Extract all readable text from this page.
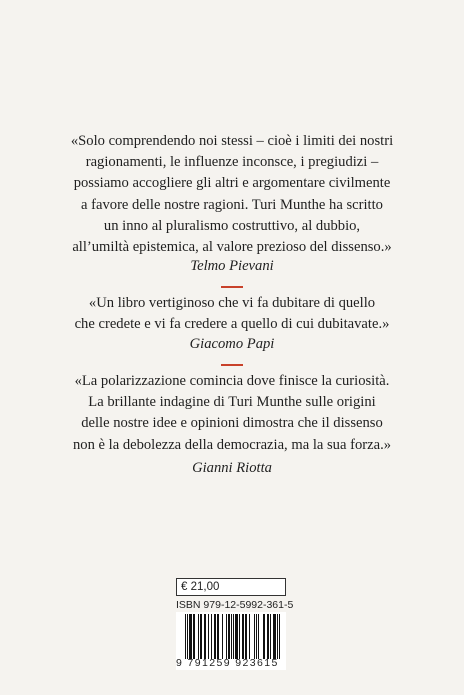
«Solo comprendendo noi stessi – cioè i limiti dei nostri
ragionamenti, le influenze inconsce, i pregiudizi –
possiamo accogliere gli altri e argomentare civilmente
a favore delle nostre ragioni. Turi Munthe ha scritto
un inno al pluralismo costruttivo, al dubbio,
all’umiltà epistemica, al valore prezioso del dissenso.»

Telmo Pievani

«Un libro vertiginoso che vi fa dubitare di quello
che credete e vi fa credere a quello di cui dubitavate.»

Giacomo Papi

«La polarizzazione comincia dove finisce la curiosità.
La brillante indagine di Turi Munthe sulle origini
delle nostre idee e opinioni dimostra che il dissenso
non è la debolezza della democrazia, ma la sua forza.»

Gianni Riotta
€ 21,00
ISBN 979-12-5992-361-5
9 791259 923615
